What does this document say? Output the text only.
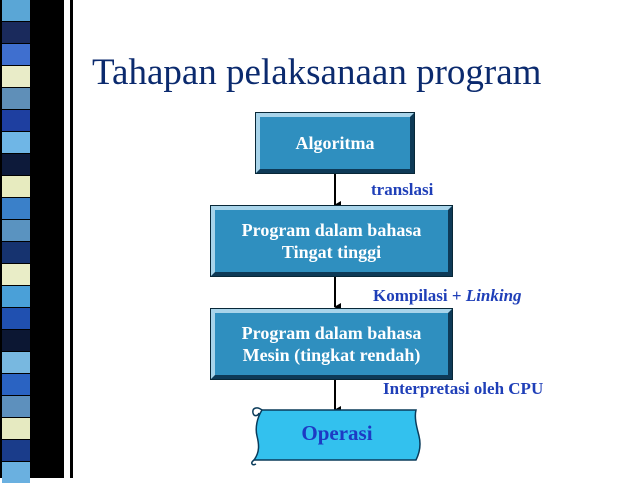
Tahapan pelaksanaan program
Algoritma
Program dalam bahasa
Tingat tinggi
Program dalam bahasa
Mesin (tingkat rendah)
translasi
Kompilasi + Linking
Interpretasi oleh CPU
Operasi
